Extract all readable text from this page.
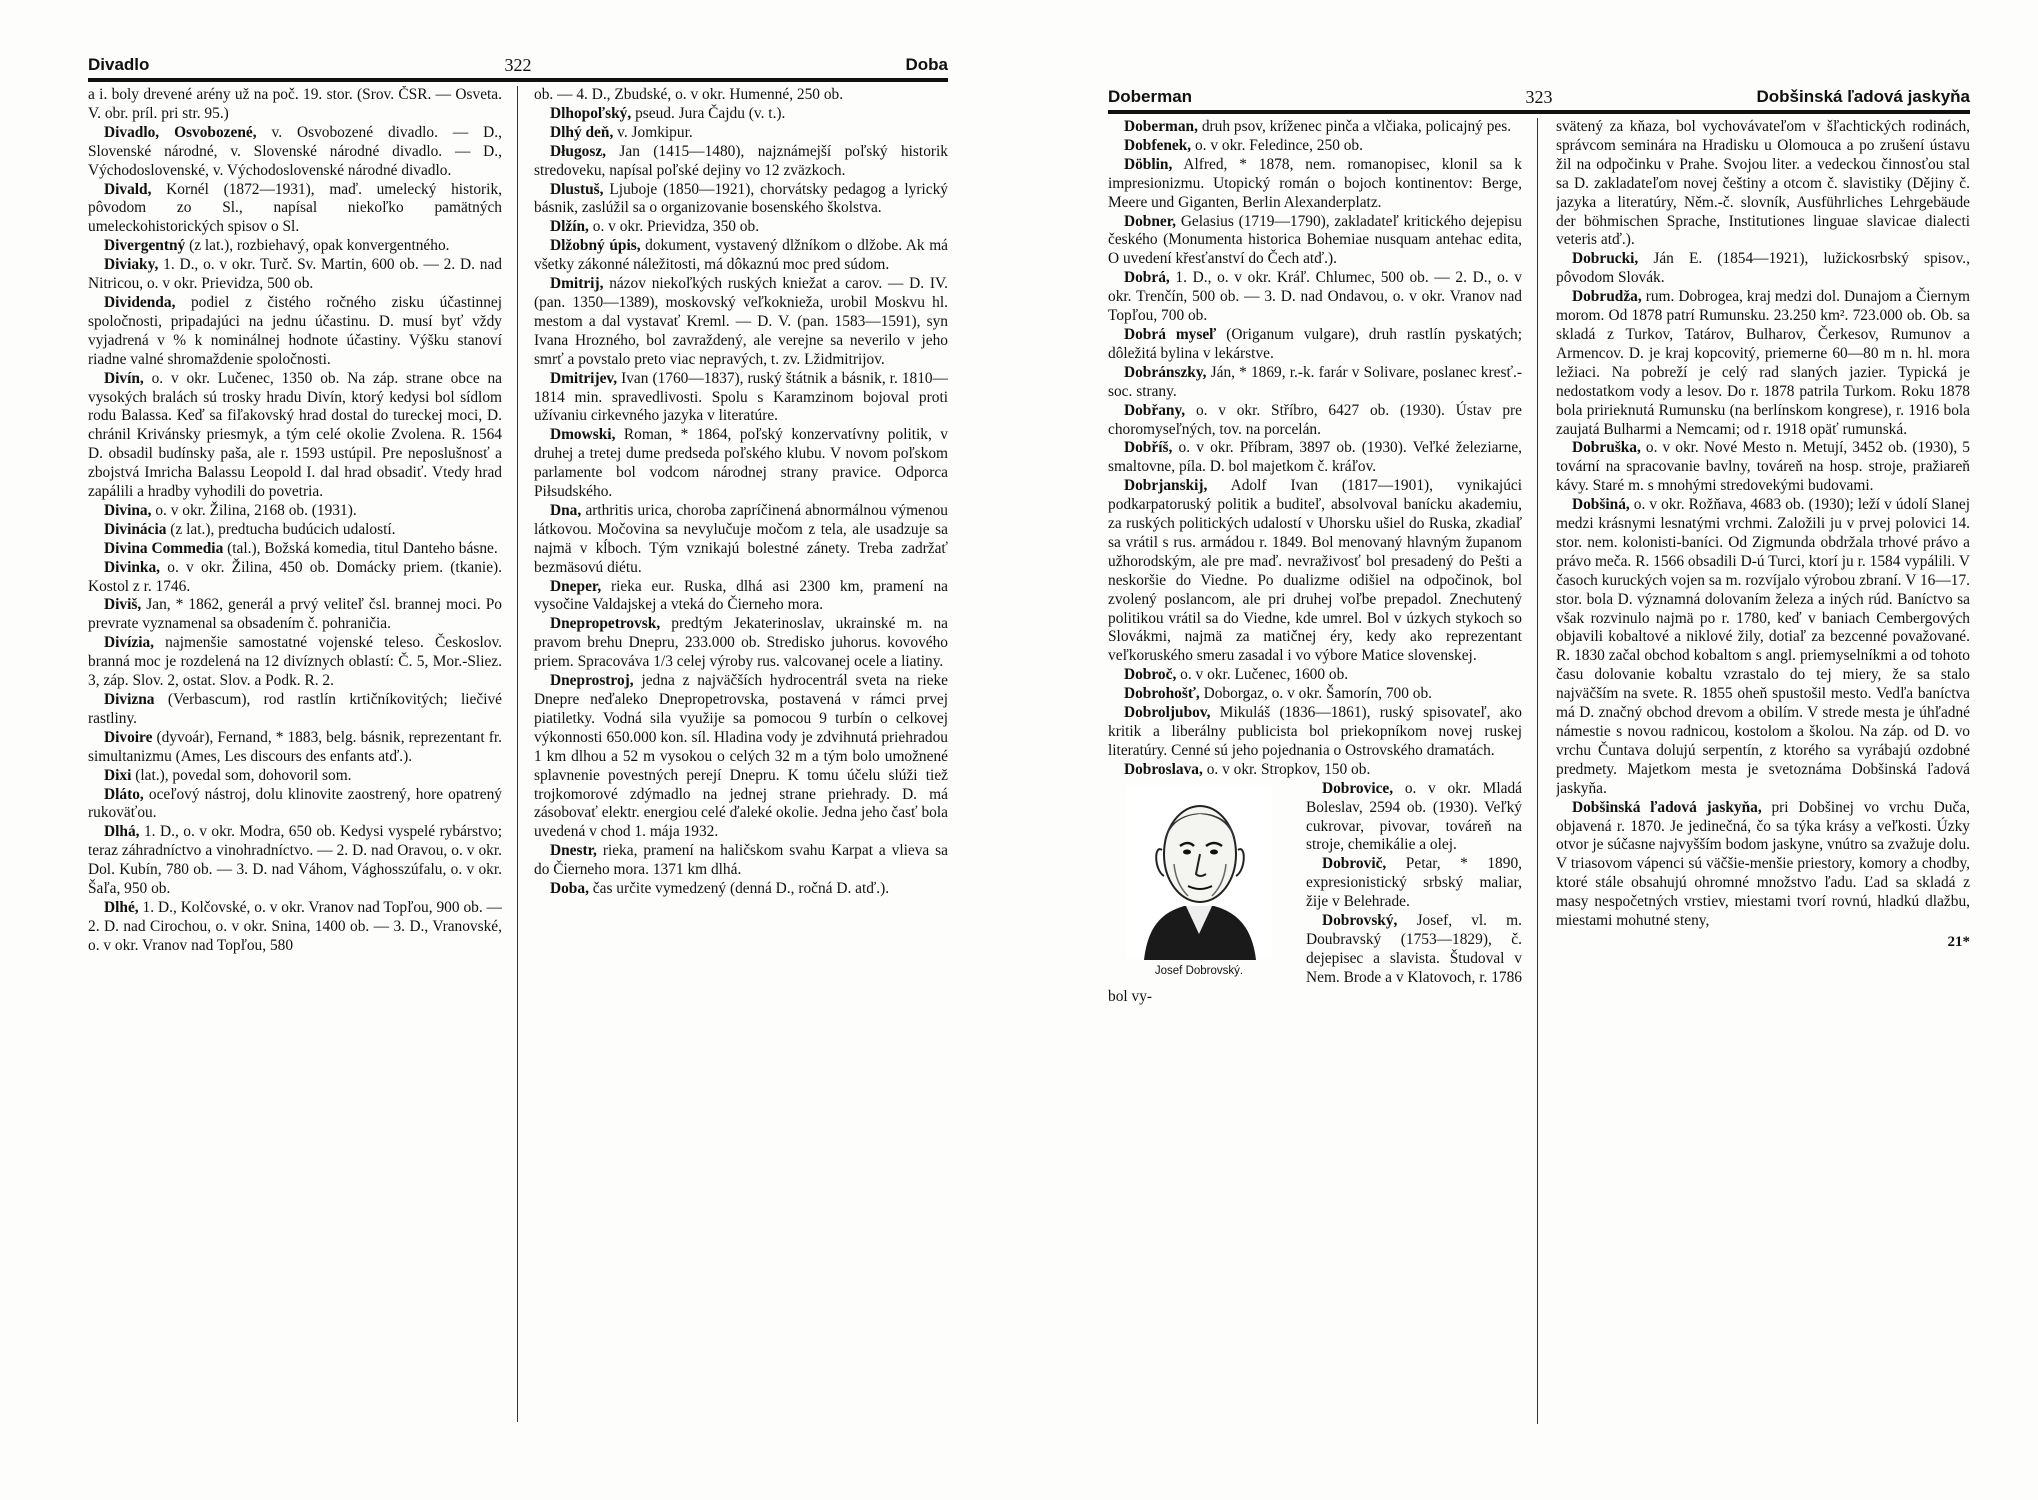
Divadlo	322	Doba

a i. boly drevené arény už na poč. 19. stor. (Srov. ČSR. — Osveta. V. obr. príl. pri str. 95.)

Divadlo, Osvobozené, v. Osvobozené divadlo. — D., Slovenské národné, v. Slovenské národné divadlo. — D., Východoslovenské, v. Východoslovenské národné divadlo.

Divald, Kornél (1872—1931), maď. umelecký historik, pôvodom zo Sl., napísal niekoľko pamätných umeleckohistorických spisov o Sl.

Divergentný (z lat.), rozbiehavý, opak konvergentného.

Diviaky, 1. D., o. v okr. Turč. Sv. Martin, 600 ob. — 2. D. nad Nitricou, o. v okr. Prievidza, 500 ob.

Dividenda, podiel z čistého ročného zisku účastinnej spoločnosti, pripadajúci na jednu účastinu. D. musí byť vždy vyjadrená v % k nominálnej hodnote účastiny. Výšku stanoví riadne valné shromaždenie spoločnosti.

Divín, o. v okr. Lučenec, 1350 ob. Na záp. strane obce na vysokých bralách sú trosky hradu Divín, ktorý kedysi bol sídlom rodu Balassa. Keď sa fiľakovský hrad dostal do tureckej moci, D. chránil Krivánsky priesmyk, a tým celé okolie Zvolena. R. 1564 D. obsadil budínsky paša, ale r. 1593 ustúpil. Pre neposlušnosť a zbojstvá Imricha Balassu Leopold I. dal hrad obsadiť. Vtedy hrad zapálili a hradby vyhodili do povetria.

Divina, o. v okr. Žilina, 2168 ob. (1931).

Divinácia (z lat.), predtucha budúcich udalostí.

Divina Commedia (tal.), Božská komedia, titul Danteho básne.

Divinka, o. v okr. Žilina, 450 ob. Domácky priem. (tkanie). Kostol z r. 1746.

Diviš, Jan, * 1862, generál a prvý veliteľ čsl. brannej moci. Po prevrate vyznamenal sa obsadením č. pohraničia.

Divízia, najmenšie samostatné vojenské teleso. Českoslov. branná moc je rozdelená na 12 divíznych oblastí: Č. 5, Mor.-Sliez. 3, záp. Slov. 2, ostat. Slov. a Podk. R. 2.

Divizna (Verbascum), rod rastlín krtičníkovitých; liečivé rastliny.

Divoire (dyvoár), Fernand, * 1883, belg. básnik, reprezentant fr. simultanizmu (Ames, Les discours des enfants atď.).

Dixi (lat.), povedal som, dohovoril som.

Dláto, oceľový nástroj, dolu klinovite zaostrený, hore opatrený rukoväťou.

Dlhá, 1. D., o. v okr. Modra, 650 ob. Kedysi vyspelé rybárstvo; teraz záhradníctvo a vinohradníctvo. — 2. D. nad Oravou, o. v okr. Dol. Kubín, 780 ob. — 3. D. nad Váhom, Vághosszúfalu, o. v okr. Šaľa, 950 ob.

Dlhé, 1. D., Kolčovské, o. v okr. Vranov nad Topľou, 900 ob. — 2. D. nad Cirochou, o. v okr. Snina, 1400 ob. — 3. D., Vranovské, o. v okr. Vranov nad Topľou, 580

ob. — 4. D., Zbudské, o. v okr. Humenné, 250 ob.

Dlhopoľský, pseud. Jura Čajdu (v. t.).

Dlhý deň, v. Jomkipur.

Długosz, Jan (1415—1480), najznámejší poľský historik stredoveku, napísal poľské dejiny vo 12 zväzkoch.

Dlustuš, Ljuboje (1850—1921), chorvátsky pedagog a lyrický básnik, zaslúžil sa o organizovanie bosenského školstva.

Dlžín, o. v okr. Prievidza, 350 ob.

Dlžobný úpis, dokument, vystavený dlžníkom o dlžobe. Ak má všetky zákonné náležitosti, má dôkaznú moc pred súdom.

Dmitrij, názov niekoľkých ruských kniežat a carov. — D. IV. (pan. 1350—1389), moskovský veľkoknieža, urobil Moskvu hl. mestom a dal vystavať Kreml. — D. V. (pan. 1583—1591), syn Ivana Hrozného, bol zavraždený, ale verejne sa neverilo v jeho smrť a povstalo preto viac nepravých, t. zv. Lžidmitrijov.

Dmitrijev, Ivan (1760—1837), ruský štátnik a básnik, r. 1810—1814 min. spravedlivosti. Spolu s Karamzinom bojoval proti užívaniu cirkevného jazyka v literatúre.

Dmowski, Roman, * 1864, poľský konzervatívny politik, v druhej a tretej dume predseda poľského klubu. V novom poľskom parlamente bol vodcom národnej strany pravice. Odporca Piłsudského.

Dna, arthritis urica, choroba zapríčinená abnormálnou výmenou látkovou. Močovina sa nevylučuje močom z tela, ale usadzuje sa najmä v kĺboch. Tým vznikajú bolestné zánety. Treba zadržať bezmäsovú diétu.

Dneper, rieka eur. Ruska, dlhá asi 2300 km, pramení na vysočine Valdajskej a vteká do Čierneho mora.

Dnepropetrovsk, predtým Jekaterinoslav, ukrainské m. na pravom brehu Dnepru, 233.000 ob. Stredisko juhorus. kovového priem. Spracováva 1/3 celej výroby rus. valcovanej ocele a liatiny.

Dneprostroj, jedna z najväčších hydrocentrál sveta na rieke Dnepre neďaleko Dnepropetrovska, postavená v rámci prvej piatiletky. Vodná sila využije sa pomocou 9 turbín o celkovej výkonnosti 650.000 kon. síl. Hladina vody je zdvihnutá priehradou 1 km dlhou a 52 m vysokou o celých 32 m a tým bolo umožnené splavnenie povestných perejí Dnepru. K tomu účelu slúži tiež trojkomorové zdýmadlo na jednej strane priehrady. D. má zásobovať elektr. energiou celé ďaleké okolie. Jedna jeho časť bola uvedená v chod 1. mája 1932.

Dnestr, rieka, pramení na haličskom svahu Karpat a vlieva sa do Čierneho mora. 1371 km dlhá.

Doba, čas určite vymedzený (denná D., ročná D. atď.).

Doberman	323	Dobšinská ľadová jaskyňa

Doberman, druh psov, kríženec pinča a vlčiaka, policajný pes.

Dobfenek, o. v okr. Feledince, 250 ob.

Döblin, Alfred, * 1878, nem. romanopisec, klonil sa k impresionizmu. Utopický román o bojoch kontinentov: Berge, Meere und Giganten, Berlin Alexanderplatz.

Dobner, Gelasius (1719—1790), zakladateľ kritického dejepisu českého (Monumenta historica Bohemiae nusquam antehac edita, O uvedení křesťanství do Čech atď.).

Dobrá, 1. D., o. v okr. Kráľ. Chlumec, 500 ob. — 2. D., o. v okr. Trenčín, 500 ob. — 3. D. nad Ondavou, o. v okr. Vranov nad Topľou, 700 ob.

Dobrá myseľ (Origanum vulgare), druh rastlín pyskatých; dôležitá bylina v lekárstve.

Dobránszky, Ján, * 1869, r.-k. farár v Solivare, poslanec kresť.-soc. strany.

Dobřany, o. v okr. Stříbro, 6427 ob. (1930). Ústav pre choromyseľných, tov. na porcelán.

Dobříš, o. v okr. Příbram, 3897 ob. (1930). Veľké železiarne, smaltovne, píla. D. bol majetkom č. kráľov.

Dobrjanskij, Adolf Ivan (1817—1901), vynikajúci podkarpatoruský politik a buditeľ, absolvoval banícku akademiu, za ruských politických udalostí v Uhorsku ušiel do Ruska, zkadiaľ sa vrátil s rus. armádou r. 1849. Bol menovaný hlavným županom užhorodským, ale pre maď. nevraživosť bol presadený do Pešti a neskoršie do Viedne. Po dualizme odišiel na odpočinok, bol zvolený poslancom, ale pri druhej voľbe prepadol. Znechutený politikou vrátil sa do Viedne, kde umrel. Bol v úzkych stykoch so Slovákmi, najmä za matičnej éry, kedy ako reprezentant veľkoruského smeru zasadal i vo výbore Matice slovenskej.

Dobroč, o. v okr. Lučenec, 1600 ob.

Dobrohošť, Doborgaz, o. v okr. Šamorín, 700 ob.

Dobroljubov, Mikuláš (1836—1861), ruský spisovateľ, ako kritik a liberálny publicista bol priekopníkom novej ruskej literatúry. Cenné sú jeho pojednania o Ostrovského dramatách.

Dobroslava, o. v okr. Stropkov, 150 ob.

Josef Dobrovský.

Dobrovice, o. v okr. Mladá Boleslav, 2594 ob. (1930). Veľký cukrovar, pivovar, továreň na stroje, chemikálie a olej.

Dobrovič, Petar, * 1890, expresionistický srbský maliar, žije v Belehrade.

Dobrovský, Josef, vl. m. Doubravský (1753—1829), č. dejepisec a slavista. Študoval v Nem. Brode a v Klatovoch, r. 1786 bol vy-

svätený za kňaza, bol vychovávateľom v šľachtických rodinách, správcom seminára na Hradisku u Olomouca a po zrušení ústavu žil na odpočinku v Prahe. Svojou liter. a vedeckou činnosťou stal sa D. zakladateľom novej češtiny a otcom č. slavistiky (Dějiny č. jazyka a literatúry, Něm.-č. slovník, Ausführliches Lehrgebäude der böhmischen Sprache, Institutiones linguae slavicae dialecti veteris atď.).

Dobrucki, Ján E. (1854—1921), lužickosrbský spisov., pôvodom Slovák.

Dobrudža, rum. Dobrogea, kraj medzi dol. Dunajom a Čiernym morom. Od 1878 patrí Rumunsku. 23.250 km². 723.000 ob. Ob. sa skladá z Turkov, Tatárov, Bulharov, Čerkesov, Rumunov a Armencov. D. je kraj kopcovitý, priemerne 60—80 m n. hl. mora ležiaci. Na pobreží je celý rad slaných jazier. Typická je nedostatkom vody a lesov. Do r. 1878 patrila Turkom. Roku 1878 bola pririeknutá Rumunsku (na berlínskom kongrese), r. 1916 bola zaujatá Bulharmi a Nemcami; od r. 1918 opäť rumunská.

Dobruška, o. v okr. Nové Mesto n. Metují, 3452 ob. (1930), 5 tovární na spracovanie bavlny, továreň na hosp. stroje, pražiareň kávy. Staré m. s mnohými stredovekými budovami.

Dobšiná, o. v okr. Rožňava, 4683 ob. (1930); leží v údolí Slanej medzi krásnymi lesnatými vrchmi. Založili ju v prvej polovici 14. stor. nem. kolonisti-baníci. Od Zigmunda obdržala trhové právo a právo meča. R. 1566 obsadili D-ú Turci, ktorí ju r. 1584 vypálili. V časoch kuruckých vojen sa m. rozvíjalo výrobou zbraní. V 16—17. stor. bola D. významná dolovaním železa a iných rúd. Baníctvo sa však rozvinulo najmä po r. 1780, keď v baniach Cembergových objavili kobaltové a niklové žily, dotiaľ za bezcenné považované. R. 1830 začal obchod kobaltom s angl. priemyselníkmi a od tohoto času dolovanie kobaltu vzrastalo do tej miery, že sa stalo najväčším na svete. R. 1855 oheň spustošil mesto. Vedľa baníctva má D. značný obchod drevom a obilím. V strede mesta je úhľadné námestie s novou radnicou, kostolom a školou. Na záp. od D. vo vrchu Čuntava dolujú serpentín, z ktorého sa vyrábajú ozdobné predmety. Majetkom mesta je svetoznáma Dobšinská ľadová jaskyňa.

Dobšinská ľadová jaskyňa, pri Dobšinej vo vrchu Duča, objavená r. 1870. Je jedinečná, čo sa týka krásy a veľkosti. Úzky otvor je súčasne najvyšším bodom jaskyne, vnútro sa zvažuje dolu. V triasovom vápenci sú väčšie-menšie priestory, komory a chodby, ktoré stále obsahujú ohromné množstvo ľadu. Ľad sa skladá z masy nespočetných vrstiev, miestami tvorí rovnú, hladkú dlažbu, miestami mohutné steny,

21*
